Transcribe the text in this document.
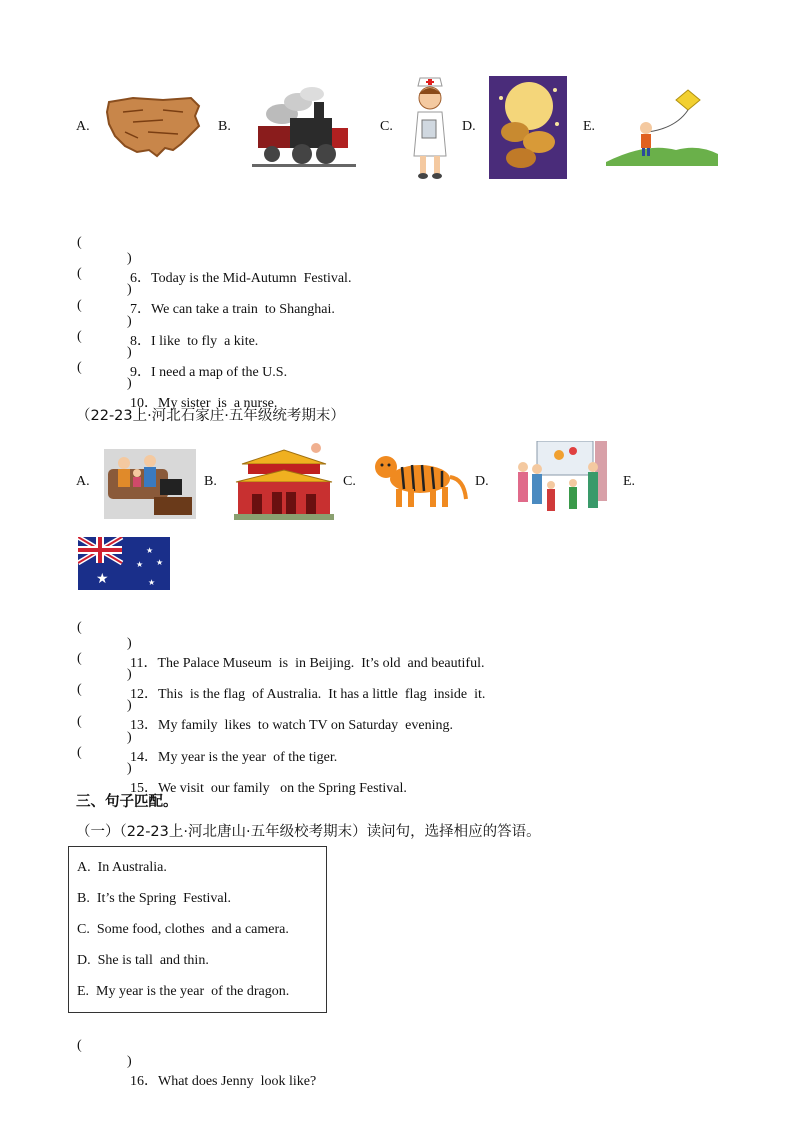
A.	B.	C.	D.	E.

(

)

6．Today is the Mid-Autumn  Festival.

(

)

7．We can take a train  to Shanghai.

(

)

8．I like  to fly  a kite.

(

)

9．I need a map of the U.S.

(

)

10．My sister  is  a nurse.

（22-23上·河北石家庄·五年级统考期末）
A.	B.	C.	D.	E.
★
★
★ ★
★

(

)

11．The Palace Museum  is  in Beijing.  It’s old  and beautiful.

(

)

12．This  is the flag  of Australia.  It has a little  flag  inside  it.

(

)

13．My family  likes  to watch TV on Saturday  evening.

(

)

14．My year is the year  of the tiger.

(

)

15．We visit  our family   on the Spring Festival.

三、句子匹配。
（一）（22-23上·河北唐山·五年级校考期末）读问句，选择相应的答语。
A.  In Australia.
B.  It’s the Spring  Festival.
C.  Some food, clothes  and a camera.
D.  She is tall  and thin.
E.  My year is the year  of the dragon.

(

)

16．What does Jenny  look like?
